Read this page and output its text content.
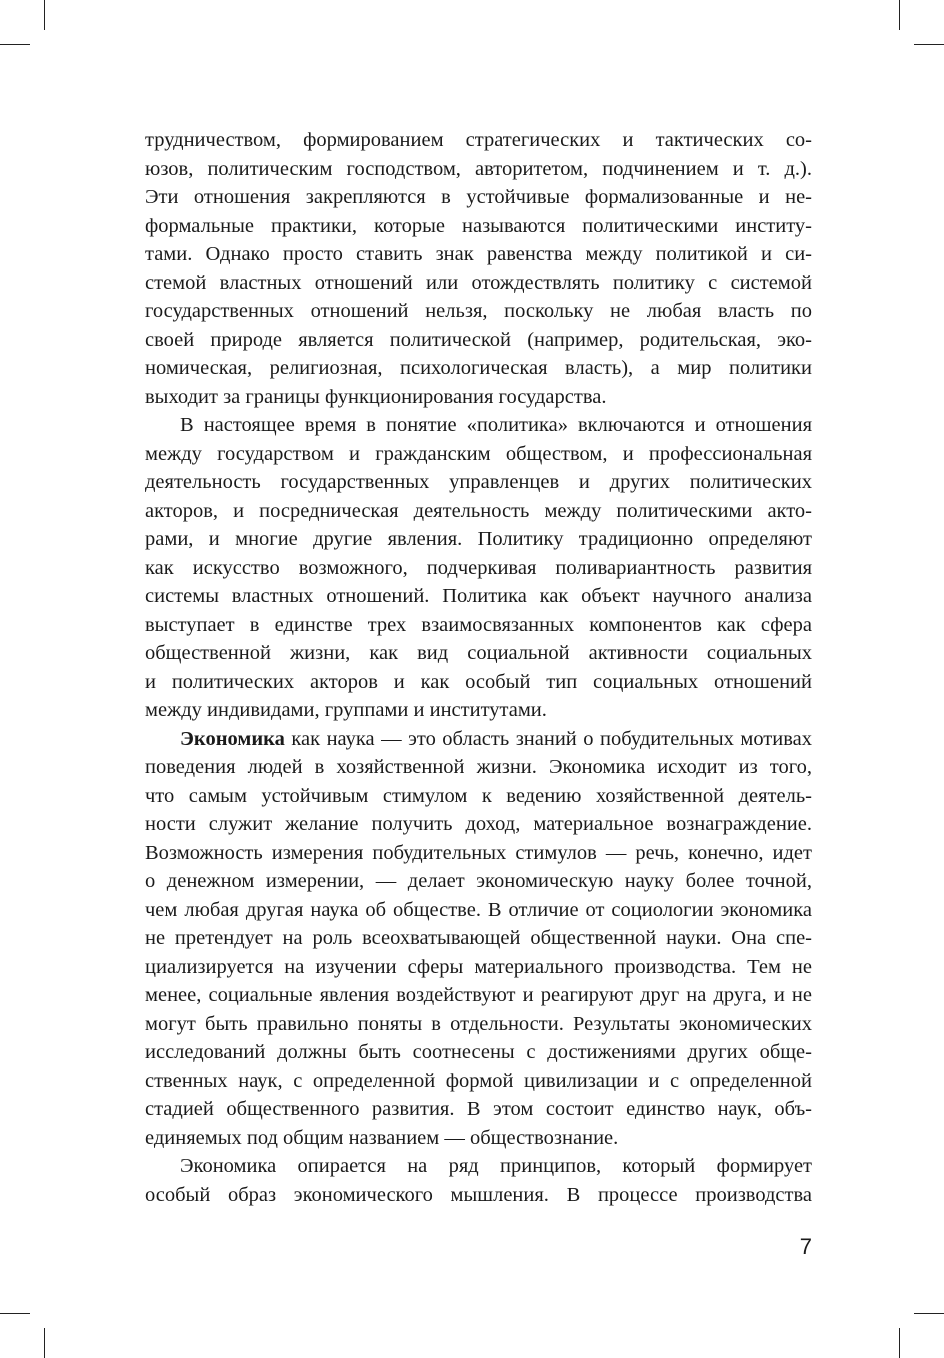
трудничеством, формированием стратегических и тактических со-
юзов, политическим господством, авторитетом, подчинением и т. д.).
Эти отношения закрепляются в устойчивые формализованные и не-
формальные практики, которые называются политическими институ-
тами. Однако просто ставить знак равенства между политикой и си-
стемой властных отношений или отождествлять политику с системой
государственных отношений нельзя, поскольку не любая власть по
своей природе является политической (например, родительская, эко-
номическая, религиозная, психологическая власть), а мир политики
выходит за границы функционирования государства.

В настоящее время в понятие «политика» включаются и отношения
между государством и гражданским обществом, и профессиональная
деятельность государственных управленцев и других политических
акторов, и посредническая деятельность между политическими акто-
рами, и многие другие явления. Политику традиционно определяют
как искусство возможного, подчеркивая поливариантность развития
системы властных отношений. Политика как объект научного анализа
выступает в единстве трех взаимосвязанных компонентов как сфера
общественной жизни, как вид социальной активности социальных
и политических акторов и как особый тип социальных отношений
между индивидами, группами и институтами.

Экономика как наука — это область знаний о побудительных мотивах
поведения людей в хозяйственной жизни. Экономика исходит из того,
что самым устойчивым стимулом к ведению хозяйственной деятель-
ности служит желание получить доход, материальное вознаграждение.
Возможность измерения побудительных стимулов — речь, конечно, идет
о денежном измерении, — делает экономическую науку более точной,
чем любая другая наука об обществе. В отличие от социологии экономика
не претендует на роль всеохватывающей общественной науки. Она спе-
циализируется на изучении сферы материального производства. Тем не
менее, социальные явления воздействуют и реагируют друг на друга, и не
могут быть правильно поняты в отдельности. Результаты экономических
исследований должны быть соотнесены с достижениями других обще-
ственных наук, с определенной формой цивилизации и с определенной
стадией общественного развития. В этом состоит единство наук, объ-
единяемых под общим названием — обществознание.

Экономика опирается на ряд принципов, который формирует
особый образ экономического мышления. В процессе производства

7
